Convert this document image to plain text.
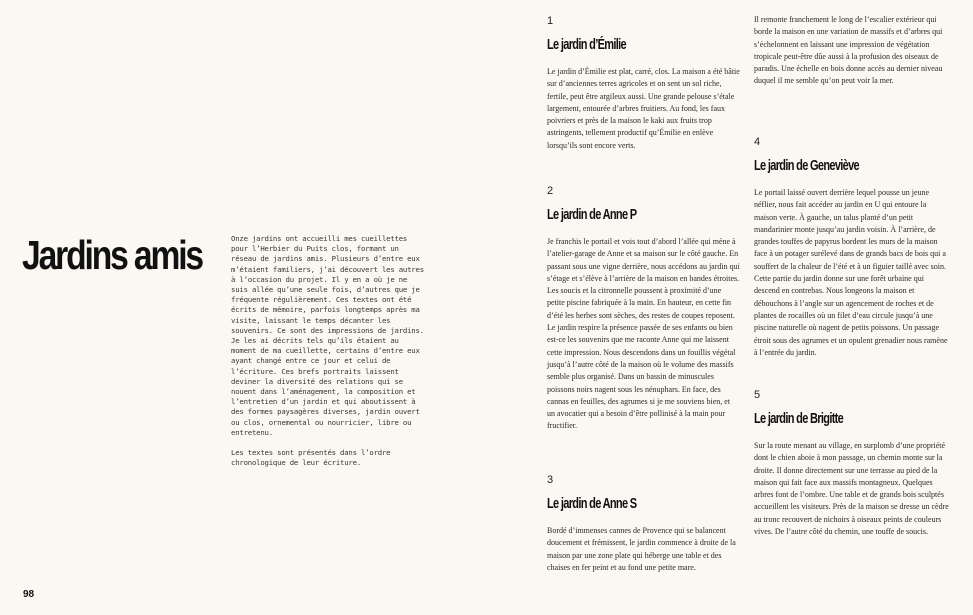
Jardins amis	Onze jardins ont accueilli mes cueillettes pour l’Herbier du Puits clos, formant un réseau de jardins amis. Plusieurs d’entre eux m’étaient familiers, j’ai découvert les autres à l’occasion du projet. Il y en a où je ne suis allée qu’une seule fois, d’autres que je fréquente régulièrement. Ces textes ont été écrits de mémoire, parfois longtemps après ma visite, laissant le temps décanter les souvenirs. Ce sont des impressions de jardins. Je les ai décrits tels qu’ils étaient au moment de ma cueillette, certains d’entre eux ayant changé entre ce jour et celui de l’écriture. Ces brefs portraits laissent deviner la diversité des relations qui se nouent dans l’aménagement, la composition et l’entretien d’un jardin et qui aboutissent à des formes paysagères diverses, jardin ouvert ou clos, ornemental ou nourricier, libre ou entretenu.

Les textes sont présentés dans l’ordre chronologique de leur écriture.

98
1
Le jardin d’Émilie
Le jardin d’Émilie est plat, carré, clos. La maison a été bâtie sur d’anciennes terres agricoles et on sent un sol riche, fertile, peut être argileux aussi. Une grande pelouse s’étale largement, entourée d’arbres fruitiers. Au fond, les faux poivriers et près de la maison le kaki aux fruits trop astringents, tellement productif qu’Émilie en enlève lorsqu’ils sont encore verts.
2
Le jardin de Anne P
Je franchis le portail et vois tout d’abord l’allée qui mène à l’atelier-garage de Anne et sa maison sur le côté gauche. En passant sous une vigne derrière, nous accédons au jardin qui s’étage et s’élève à l’arrière de la maison en bandes étroites. Les soucis et la citronnelle poussent à proximité d’une petite piscine fabriquée à la main. En hauteur, en cette fin d’été les herbes sont sèches, des restes de coupes reposent. Le jardin respire la présence passée de ses enfants ou bien est-ce les souvenirs que me raconte Anne qui me laissent cette impression. Nous descendons dans un fouillis végétal jusqu’à l’autre côté de la maison où le volume des massifs semble plus organisé. Dans un bassin de minuscules poissons noirs nagent sous les nénuphars. En face, des cannas en feuilles, des agrumes si je me souviens bien, et un avocatier qui a besoin d’être pollinisé à la main pour fructifier.
3
Le jardin de Anne S
Bordé d’immenses cannes de Provence qui se balancent doucement et frémissent, le jardin commence à droite de la maison par une zone plate qui héberge une table et des chaises en fer peint et au fond une petite mare.
Il remonte franchement le long de l’escalier extérieur qui borde la maison en une variation de massifs et d’arbres qui s’échelonnent en laissant une impression de végétation tropicale peut-être dûe aussi à la profusion des oiseaux de paradis. Une échelle en bois donne accès au dernier niveau duquel il me semble qu’on peut voir la mer.
4
Le jardin de Geneviève
Le portail laissé ouvert derrière lequel pousse un jeune néflier, nous fait accéder au jardin en U qui entoure la maison verte. À gauche, un talus planté d’un petit mandarinier monte jusqu’au jardin voisin. À l’arrière, de grandes touffes de papyrus bordent les murs de la maison face à un potager surélevé dans de grands bacs de bois qui a souffert de la chaleur de l’été et à un figuier taillé avec soin. Cette partie du jardin donne sur une forêt urbaine qui descend en contrebas. Nous longeons la maison et débouchons à l’angle sur un agencement de roches et de plantes de rocailles où un filet d’eau circule jusqu’à une piscine naturelle où nagent de petits poissons. Un passage étroit sous des agrumes et un opulent grenadier nous ramène à l’entrée du jardin.
5
Le jardin de Brigitte
Sur la route menant au village, en surplomb d’une propriété dont le chien aboie à mon passage, un chemin monte sur la droite. Il donne directement sur une terrasse au pied de la maison qui fait face aux massifs montagneux. Quelques arbres font de l’ombre. Une table et de grands bois sculptés accueillent les visiteurs. Près de la maison se dresse un cèdre au tronc recouvert de nichoirs à oiseaux peints de couleurs vives. De l’autre côté du chemin, une touffe de soucis.
